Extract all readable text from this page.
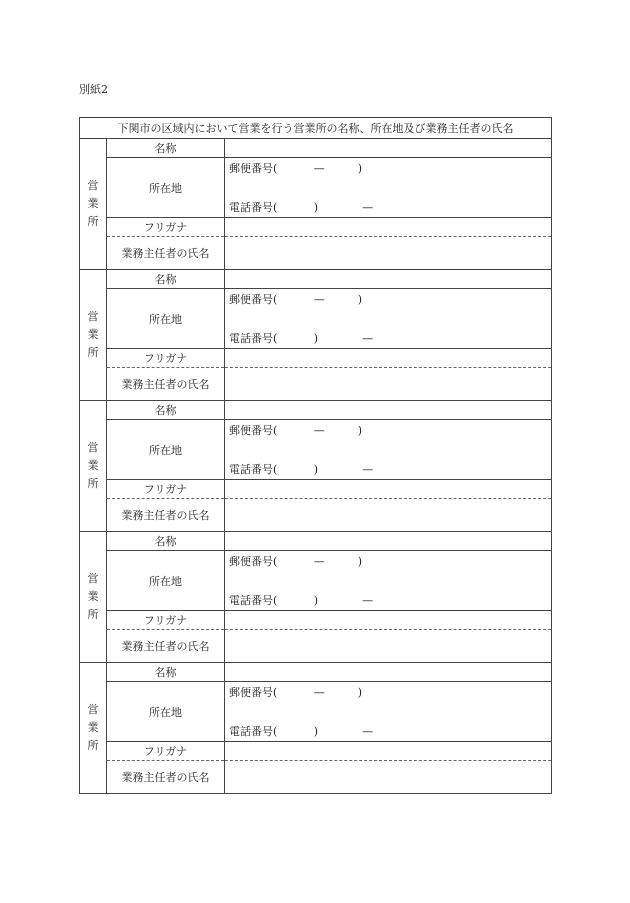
別紙2
下関市の区域内において営業を行う営業所の名称、所在地及び業務主任者の氏名		
営
業
所	名称	
	所在地	郵便番号(　　　 —　　　)
電話番号(　　　 )　　　　—

	フリガナ	
	業務主任者の氏名	
営
業
所	名称	
	所在地	郵便番号(　　　 —　　　)
電話番号(　　　 )　　　　—

	フリガナ	
	業務主任者の氏名	
営
業
所	名称	
	所在地	郵便番号(　　　 —　　　)
電話番号(　　　 )　　　　—

	フリガナ	
	業務主任者の氏名	
営
業
所	名称	
	所在地	郵便番号(　　　 —　　　)
電話番号(　　　 )　　　　—

	フリガナ	
	業務主任者の氏名	
営
業
所	名称	
	所在地	郵便番号(　　　 —　　　)
電話番号(　　　 )　　　　—

	フリガナ	
	業務主任者の氏名	
